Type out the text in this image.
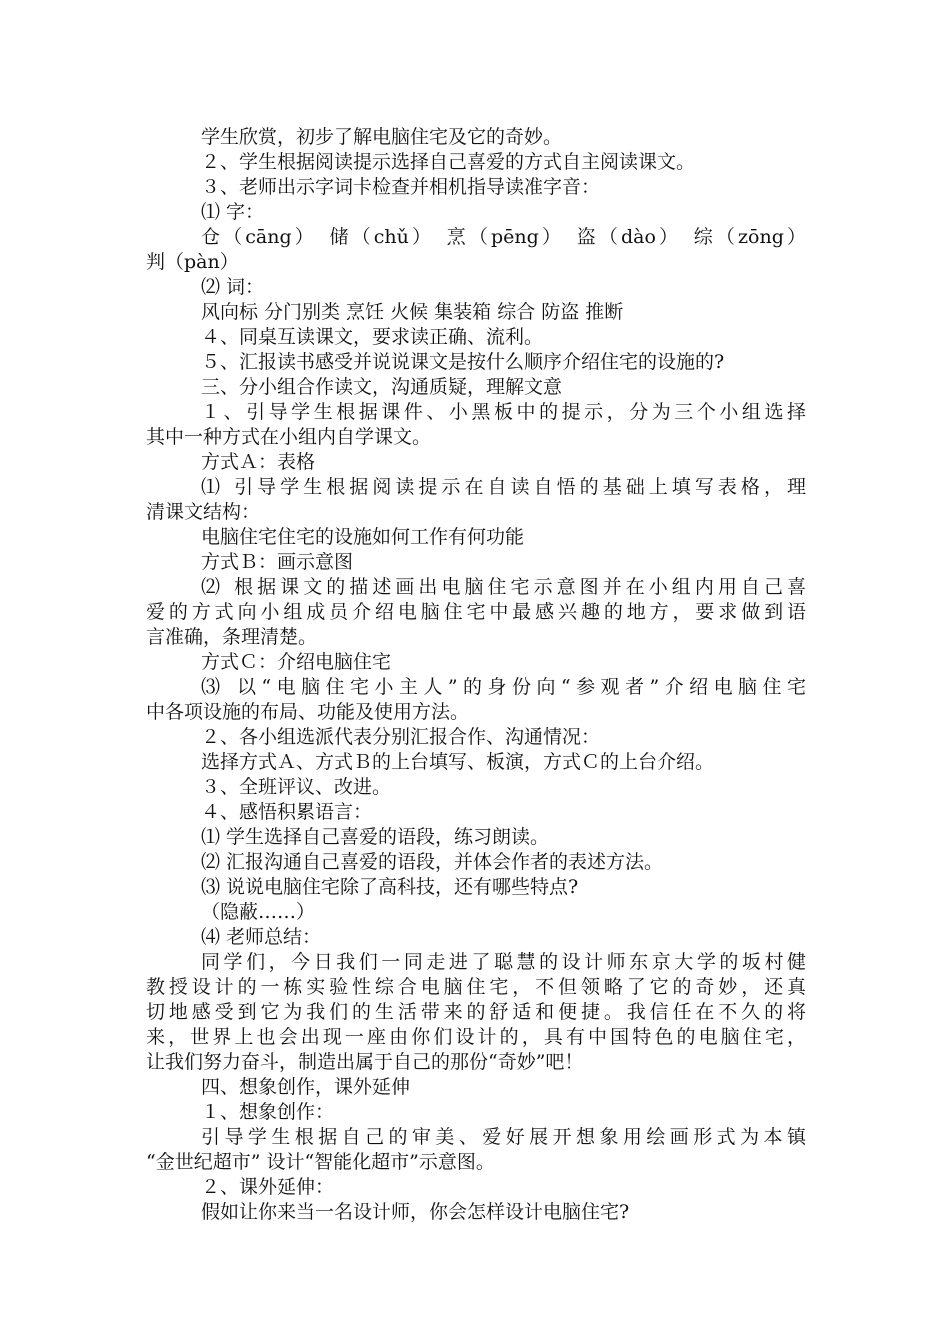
学生欣赏，初步了解电脑住宅及它的奇妙。

２、学生根据阅读提示选择自己喜爱的方式自主阅读课文。

３、老师出示字词卡检查并相机指导读准字音：

⑴ 字：

仓（cāng）　储（chǔ）　烹（pēng）　盗（dào）　综（zōng）

判（pàn）

⑵ 词：

风向标 分门别类 烹饪 火候 集装箱 综合 防盗 推断

４、同桌互读课文，要求读正确、流利。

５、汇报读书感受并说说课文是按什么顺序介绍住宅的设施的?

三、分小组合作读文，沟通质疑，理解文意

１、引导学生根据课件、小黑板中的提示，分为三个小组选择

其中一种方式在小组内自学课文。

方式Ａ：表格

⑴ 引导学生根据阅读提示在自读自悟的基础上填写表格，理

清课文结构：

电脑住宅住宅的设施如何工作有何功能

方式Ｂ：画示意图

⑵ 根据课文的描述画出电脑住宅示意图并在小组内用自己喜

爱的方式向小组成员介绍电脑住宅中最感兴趣的地方，要求做到语

言准确，条理清楚。

方式Ｃ：介绍电脑住宅

⑶ 以“电脑住宅小主人”的身份向“参观者”介绍电脑住宅

中各项设施的布局、功能及使用方法。

２、各小组选派代表分别汇报合作、沟通情况：

选择方式Ａ、方式Ｂ的上台填写、板演，方式Ｃ的上台介绍。

３、全班评议、改进。

４、感悟积累语言：

⑴ 学生选择自己喜爱的语段，练习朗读。

⑵ 汇报沟通自己喜爱的语段，并体会作者的表述方法。

⑶ 说说电脑住宅除了高科技，还有哪些特点?

（隐蔽……）

⑷ 老师总结：

同学们，今日我们一同走进了聪慧的设计师东京大学的坂村健

教授设计的一栋实验性综合电脑住宅，不但领略了它的奇妙，还真

切地感受到它为我们的生活带来的舒适和便捷。我信任在不久的将

来，世界上也会出现一座由你们设计的，具有中国特色的电脑住宅，

让我们努力奋斗，制造出属于自己的那份“奇妙”吧！

四、想象创作，课外延伸

１、想象创作：

引导学生根据自己的审美、爱好展开想象用绘画形式为本镇

“金世纪超市” 设计“智能化超市”示意图。

２、课外延伸：

假如让你来当一名设计师，你会怎样设计电脑住宅?
